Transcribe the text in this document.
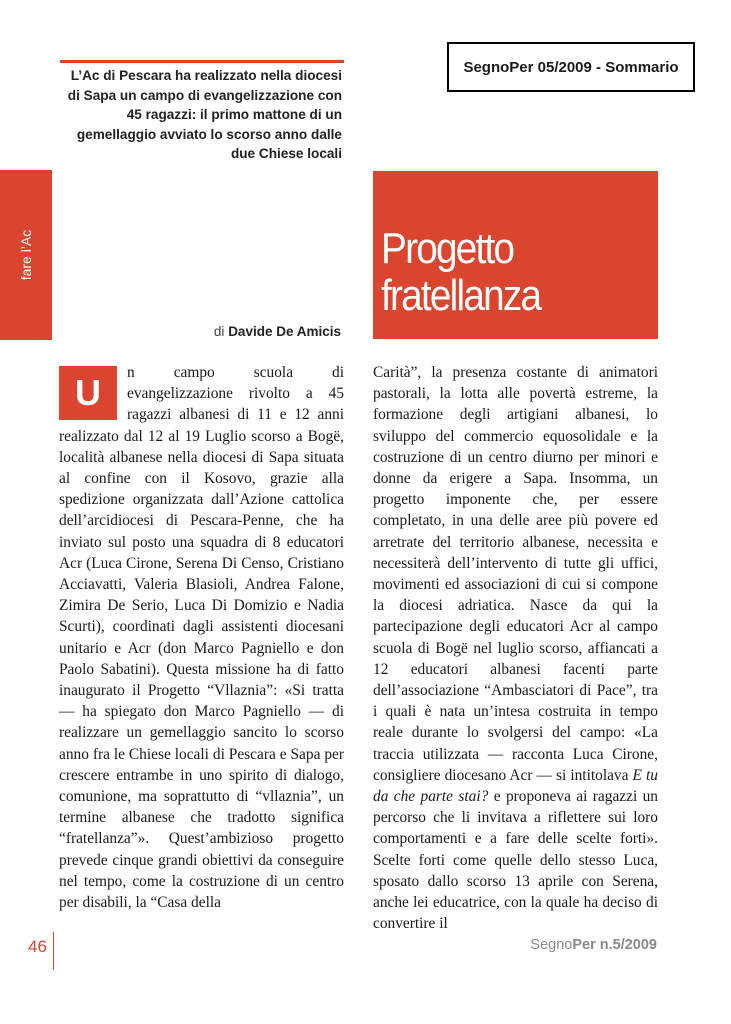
fare l’Ac
L’Ac di Pescara ha realizzato nella diocesi di Sapa un campo di evangelizzazione con 45 ragazzi: il primo mattone di un gemellaggio avviato lo scorso anno dalle due Chiese locali
SegnoPer 05/2009 - Sommario
Progetto
fratellanza
di Davide De Amicis
U	n campo scuola di evangelizzazione rivolto a 45 ragazzi albanesi di 11 e 12 anni realizzato dal 12 al 19 Luglio scorso a Bogë, località albanese nella diocesi di Sapa situata al confine con il Kosovo, grazie alla spedizione organizzata dall’Azione cattolica dell’arcidiocesi di Pescara-Penne, che ha inviato sul posto una squadra di 8 educatori Acr (Luca Cirone, Serena Di Censo, Cristiano Acciavatti, Valeria Blasioli, Andrea Falone, Zimira De Serio, Luca Di Domizio e Nadia Scurti), coordinati dagli assistenti diocesani unitario e Acr (don Marco Pagniello e don Paolo Sabatini). Questa missione ha di fatto inaugurato il Progetto “Vllaznia”: «Si tratta — ha spiegato don Marco Pagniello — di realizzare un gemellaggio sancito lo scorso anno fra le Chiese locali di Pescara e Sapa per crescere entrambe in uno spirito di dialogo, comunione, ma soprattutto di “vllaznia”, un termine albanese che tradotto significa “fratellanza”». Quest’ambizioso progetto prevede cinque grandi obiettivi da conseguire nel tempo, come la costruzione di un centro per disabili, la “Casa della
Carità”, la presenza costante di animatori pastorali, la lotta alle povertà estreme, la formazione degli artigiani albanesi, lo sviluppo del commercio equosolidale e la costruzione di un centro diurno per minori e donne da erigere a Sapa. Insomma, un progetto imponente che, per essere completato, in una delle aree più povere ed arretrate del territorio albanese, necessita e necessiterà dell’intervento di tutte gli uffici, movimenti ed associazioni di cui si compone la diocesi adriatica. Nasce da qui la partecipazione degli educatori Acr al campo scuola di Bogë nel luglio scorso, affiancati a 12 educatori albanesi facenti parte dell’associazione “Ambasciatori di Pace”, tra i quali è nata un’intesa costruita in tempo reale durante lo svolgersi del campo: «La traccia utilizzata — racconta Luca Cirone, consigliere diocesano Acr — si intitolava E tu da che parte stai? e proponeva ai ragazzi un percorso che li invitava a riflettere sui loro comportamenti e a fare delle scelte forti». Scelte forti come quelle dello stesso Luca, sposato dallo scorso 13 aprile con Serena, anche lei educatrice, con la quale ha deciso di convertire il
46	SegnoPer n.5/2009
